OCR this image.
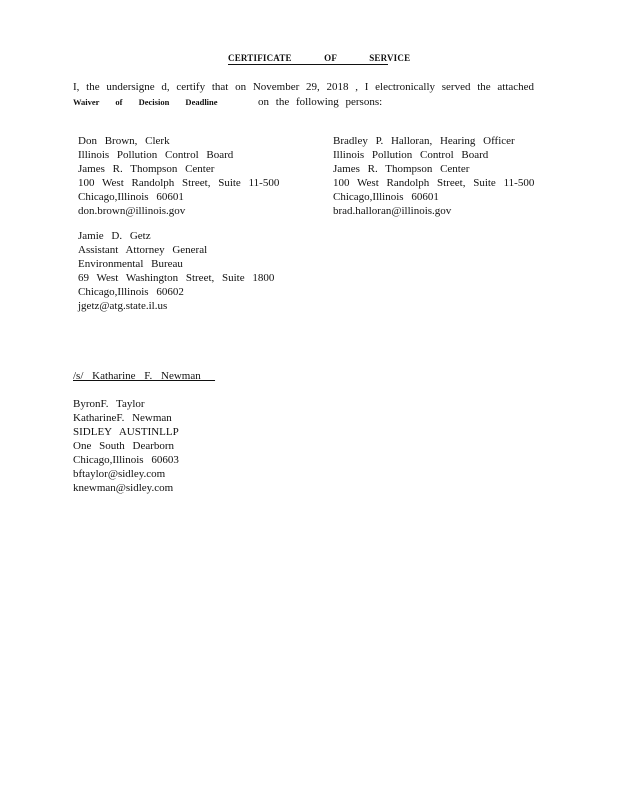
CERTIFICATE OF SERVICE
I, the undersigne d, certify that on November 29, 2018 , I electronically served the attached
Waiver of Decision Deadline	on the following persons:
Don Brown, Clerk
Illinois Pollution Control Board
James R. Thompson Center
100 West Randolph Street, Suite 11-500
Chicago,Illinois 60601
don.brown@illinois.gov
Bradley P. Halloran, Hearing Officer
Illinois Pollution Control Board
James R. Thompson Center
100 West Randolph Street, Suite 11-500
Chicago,Illinois 60601
brad.halloran@illinois.gov
Jamie D. Getz
Assistant Attorney General
Environmental Bureau
69 West Washington Street, Suite 1800
Chicago,Illinois 60602
jgetz@atg.state.il.us
/s/ Katharine F. Newman _
ByronF. Taylor
KatharineF. Newman
SIDLEY AUSTINLLP
One South Dearborn
Chicago,Illinois 60603
bftaylor@sidley.com
knewman@sidley.com
